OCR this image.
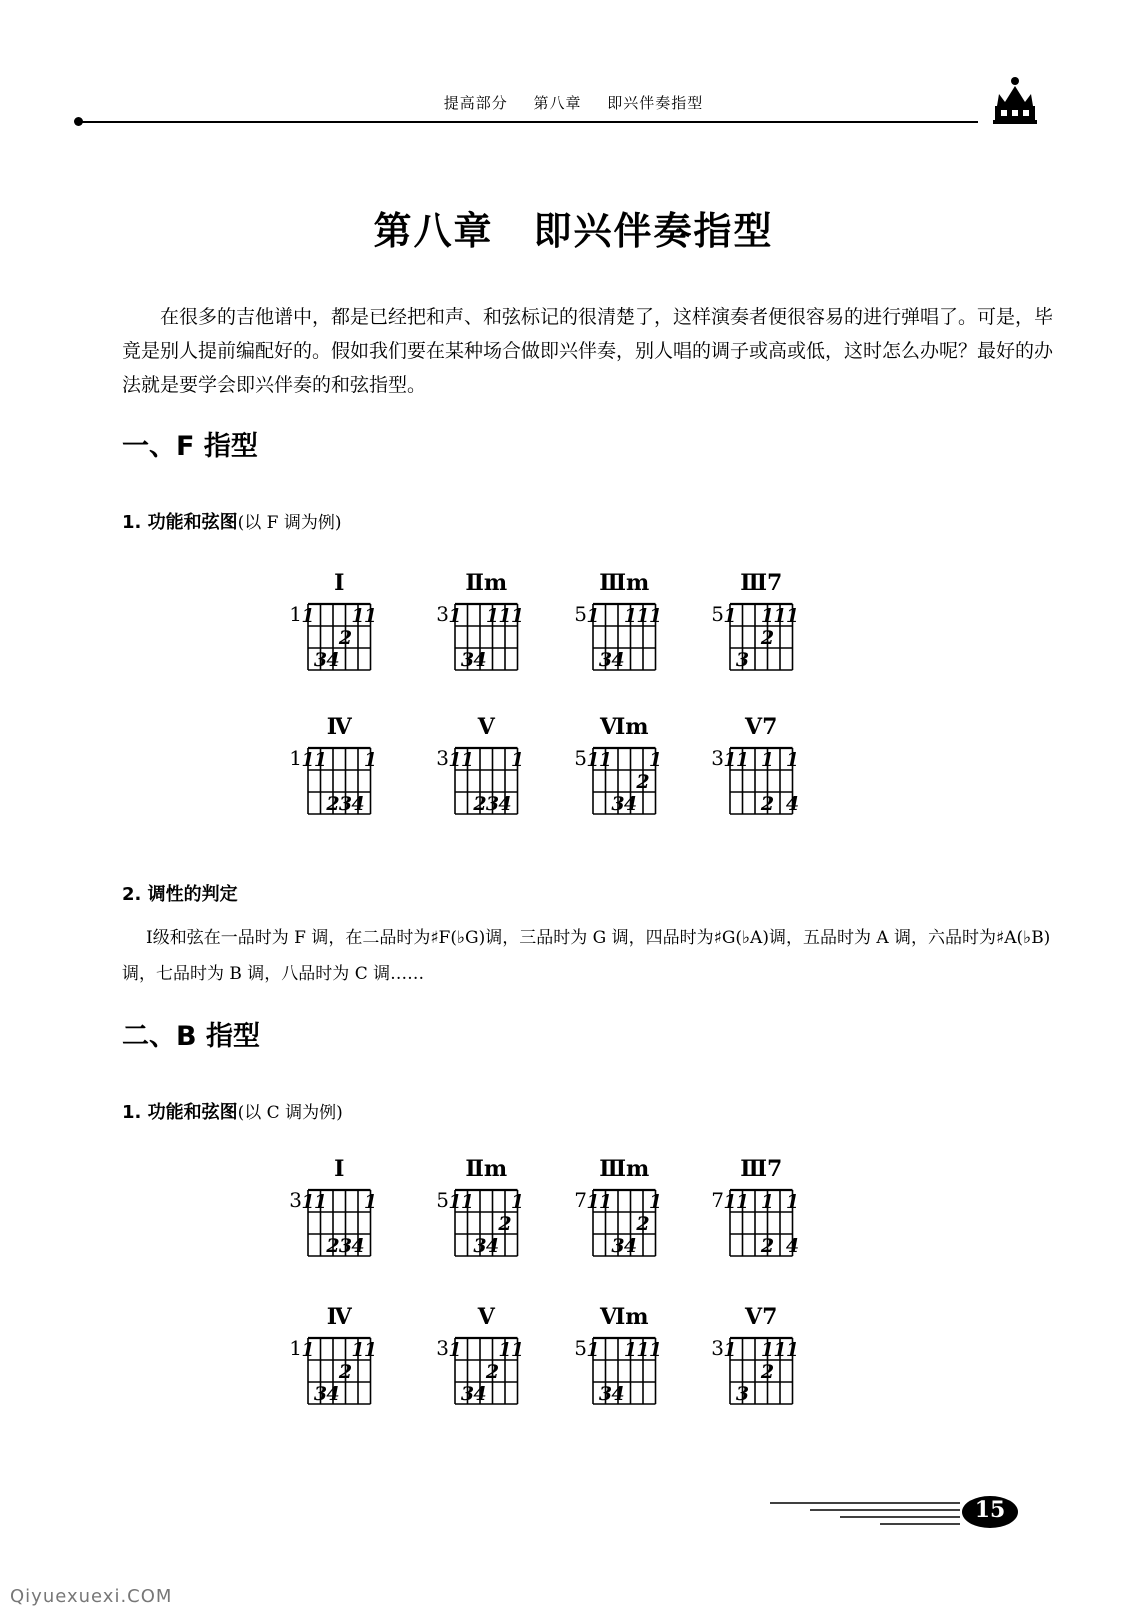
提高部分 第八章 即兴伴奏指型
第八章 即兴伴奏指型
在很多的吉他谱中，都是已经把和声、和弦标记的很清楚了，这样演奏者便很容易的进行弹唱了。可是，毕竟是别人提前编配好的。假如我们要在某种场合做即兴伴奏，别人唱的调子或高或低，这时怎么办呢？最好的办法就是要学会即兴伴奏的和弦指型。
一、F 指型
1. 功能和弦图(以 F 调为例)
2. 调性的判定
Ⅰ级和弦在一品时为 F 调，在二品时为♯F(♭G)调，三品时为 G 调，四品时为♯G(♭A)调，五品时为 A 调，六品时为♯A(♭B)调，七品时为 B 调，八品时为 C 调……
二、B 指型
1. 功能和弦图(以 C 调为例)
Ⅰ
1 1 1 1
2
3 4
Ⅱm
3 1 1 1 1
3 4
Ⅲm
5 1 1 1 1
3 4
Ⅲ7
5 1 1 1 1
2
3
Ⅳ
1 1 1 1
2 3 4
Ⅴ
3 1 1 1
2 3 4
Ⅵm
5 1 1 1
2
3 4
Ⅴ7
3 1 1 1 1
2 4
Ⅰ
3 1 1 1
2 3 4
Ⅱm
5 1 1 1
2
3 4
Ⅲm
7 1 1 1
2
3 4
Ⅲ7
7 1 1 1 1
2 4
Ⅳ
1 1 1 1
2
3 4
Ⅴ
3 1 1 1
2
3 4
Ⅵm
5 1 1 1 1
3 4
Ⅴ7
3 1 1 1 1
2
3
15
Qiyuexuexi.COM
